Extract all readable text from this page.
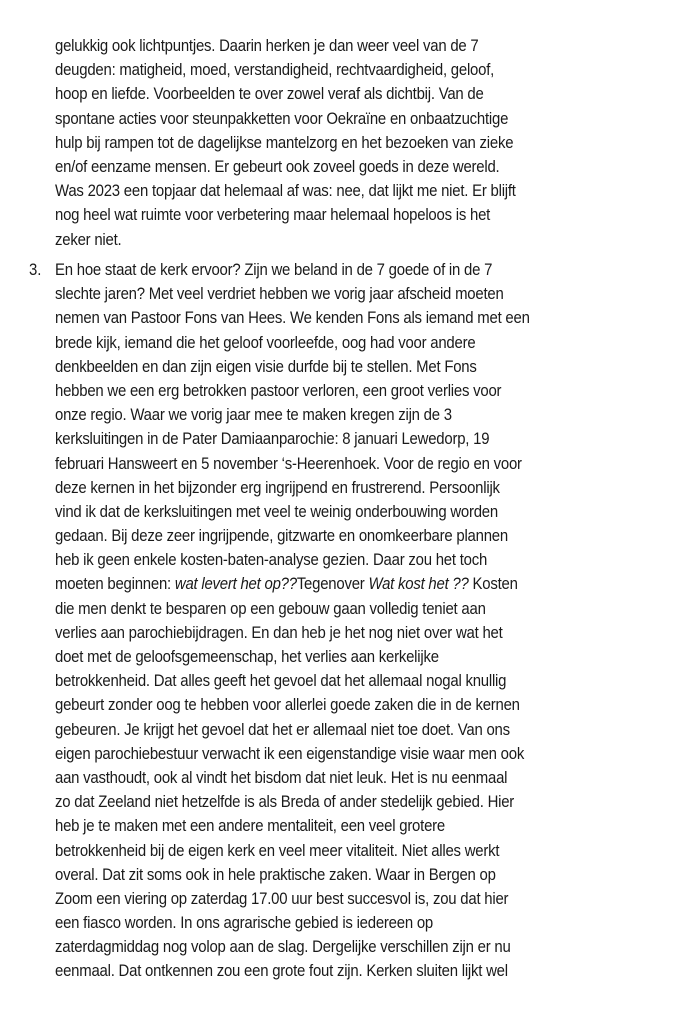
gelukkig ook lichtpuntjes. Daarin herken je dan weer veel van de 7
deugden: matigheid, moed, verstandigheid, rechtvaardigheid, geloof,
hoop en liefde. Voorbeelden te over zowel veraf als dichtbij. Van de
spontane acties voor steunpakketten voor Oekraïne en onbaatzuchtige
hulp bij rampen tot de dagelijkse mantelzorg en het bezoeken van zieke
en/of eenzame mensen. Er gebeurt ook zoveel goeds in deze wereld.
Was 2023 een topjaar dat helemaal af was: nee, dat lijkt me niet. Er blijft
nog heel wat ruimte voor verbetering maar helemaal hopeloos is het
zeker niet.
3. En hoe staat de kerk ervoor? Zijn we beland in de 7 goede of in de 7
slechte jaren? Met veel verdriet hebben we vorig jaar afscheid moeten
nemen van Pastoor Fons van Hees. We kenden Fons als iemand met een
brede kijk, iemand die het geloof voorleefde, oog had voor andere
denkbeelden en dan zijn eigen visie durfde bij te stellen. Met Fons
hebben we een erg betrokken pastoor verloren, een groot verlies voor
onze regio. Waar we vorig jaar mee te maken kregen zijn de 3
kerksluitingen in de Pater Damiaanparochie: 8 januari Lewedorp, 19
februari Hansweert en 5 november ‘s-Heerenhoek. Voor de regio en voor
deze kernen in het bijzonder erg ingrijpend en frustrerend. Persoonlijk
vind ik dat de kerksluitingen met veel te weinig onderbouwing worden
gedaan. Bij deze zeer ingrijpende, gitzwarte en onomkeerbare plannen
heb ik geen enkele kosten-baten-analyse gezien. Daar zou het toch
moeten beginnen: wat levert het op??Tegenover Wat kost het ?? Kosten
die men denkt te besparen op een gebouw gaan volledig teniet aan
verlies aan parochiebijdragen. En dan heb je het nog niet over wat het
doet met de geloofsgemeenschap, het verlies aan kerkelijke
betrokkenheid. Dat alles geeft het gevoel dat het allemaal nogal knullig
gebeurt zonder oog te hebben voor allerlei goede zaken die in de kernen
gebeuren. Je krijgt het gevoel dat het er allemaal niet toe doet. Van ons
eigen parochiebestuur verwacht ik een eigenstandige visie waar men ook
aan vasthoudt, ook al vindt het bisdom dat niet leuk. Het is nu eenmaal
zo dat Zeeland niet hetzelfde is als Breda of ander stedelijk gebied. Hier
heb je te maken met een andere mentaliteit, een veel grotere
betrokkenheid bij de eigen kerk en veel meer vitaliteit. Niet alles werkt
overal. Dat zit soms ook in hele praktische zaken. Waar in Bergen op
Zoom een viering op zaterdag 17.00 uur best succesvol is, zou dat hier
een fiasco worden. In ons agrarische gebied is iedereen op
zaterdagmiddag nog volop aan de slag. Dergelijke verschillen zijn er nu
eenmaal. Dat ontkennen zou een grote fout zijn. Kerken sluiten lijkt wel
